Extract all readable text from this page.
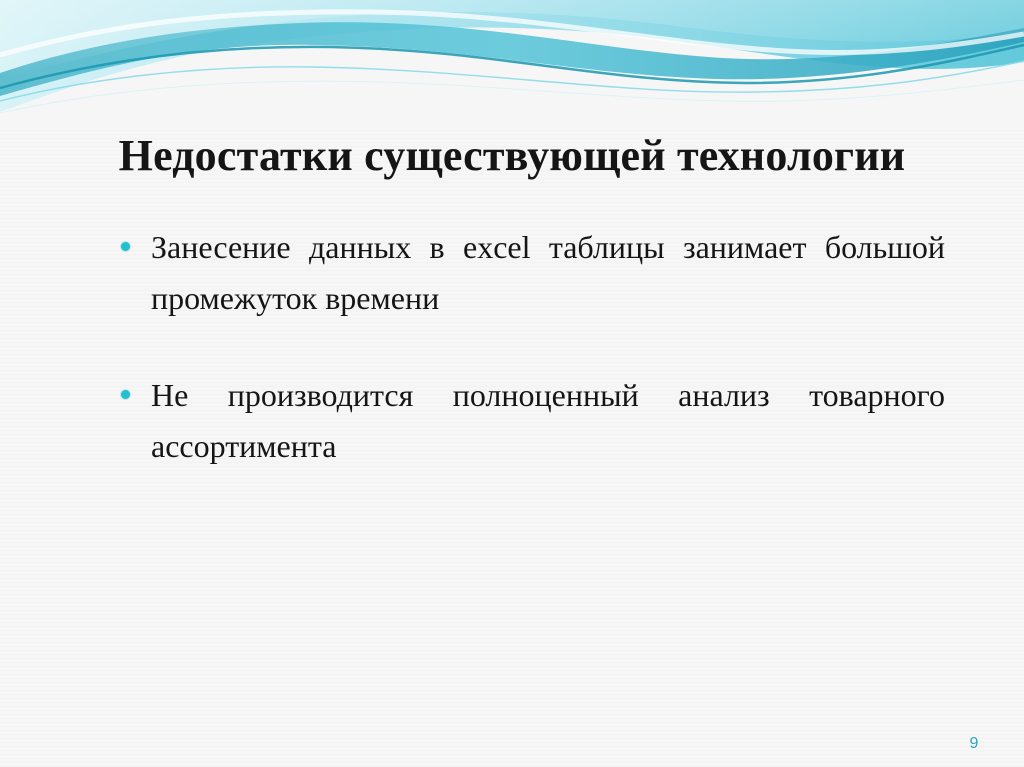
Недостатки существующей технологии

Занесение данных в excel таблицы занимает большой промежуток времени

Не производится полноценный анализ товарного ассортимента

9
